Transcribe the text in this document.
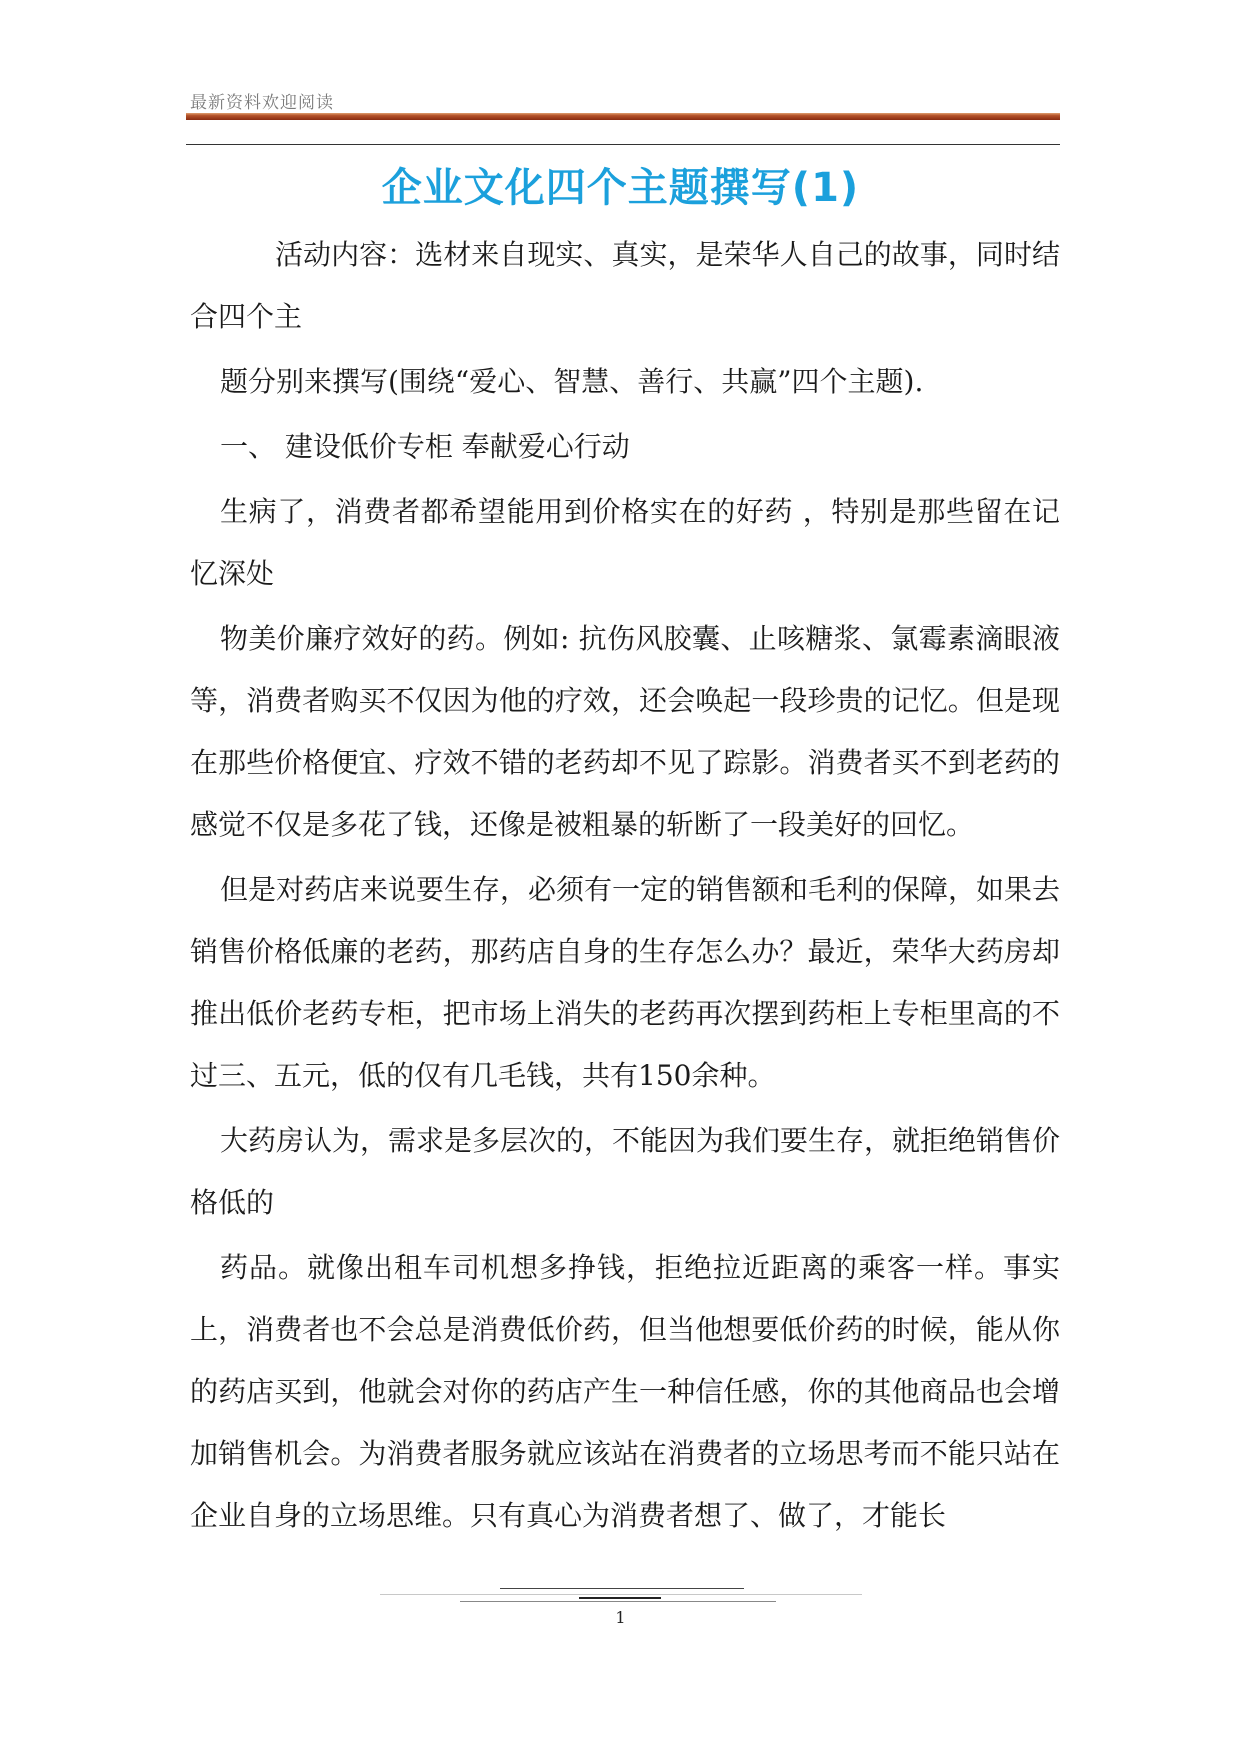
最新资料欢迎阅读
企业文化四个主题撰写(1)

活动内容：选材来自现实、真实，是荣华人自己的故事，同时结合四个主

题分别来撰写(围绕“爱心、智慧、善行、共赢”四个主题).

一、 建设低价专柜 奉献爱心行动

生病了，消费者都希望能用到价格实在的好药 ，特别是那些留在记忆深处

物美价廉疗效好的药。例如: 抗伤风胶囊、止咳糖浆、氯霉素滴眼液等，消费者购买不仅因为他的疗效，还会唤起一段珍贵的记忆。但是现在那些价格便宜、疗效不错的老药却不见了踪影。消费者买不到老药的感觉不仅是多花了钱，还像是被粗暴的斩断了一段美好的回忆。

但是对药店来说要生存，必须有一定的销售额和毛利的保障，如果去销售价格低廉的老药，那药店自身的生存怎么办？最近，荣华大药房却推出低价老药专柜，把市场上消失的老药再次摆到药柜上专柜里高的不过三、五元，低的仅有几毛钱，共有150余种。

大药房认为，需求是多层次的，不能因为我们要生存，就拒绝销售价格低的

药品。就像出租车司机想多挣钱，拒绝拉近距离的乘客一样。事实上，消费者也不会总是消费低价药，但当他想要低价药的时候，能从你的药店买到，他就会对你的药店产生一种信任感，你的其他商品也会增加销售机会。为消费者服务就应该站在消费者的立场思考而不能只站在企业自身的立场思维。只有真心为消费者想了、做了，才能长

1
